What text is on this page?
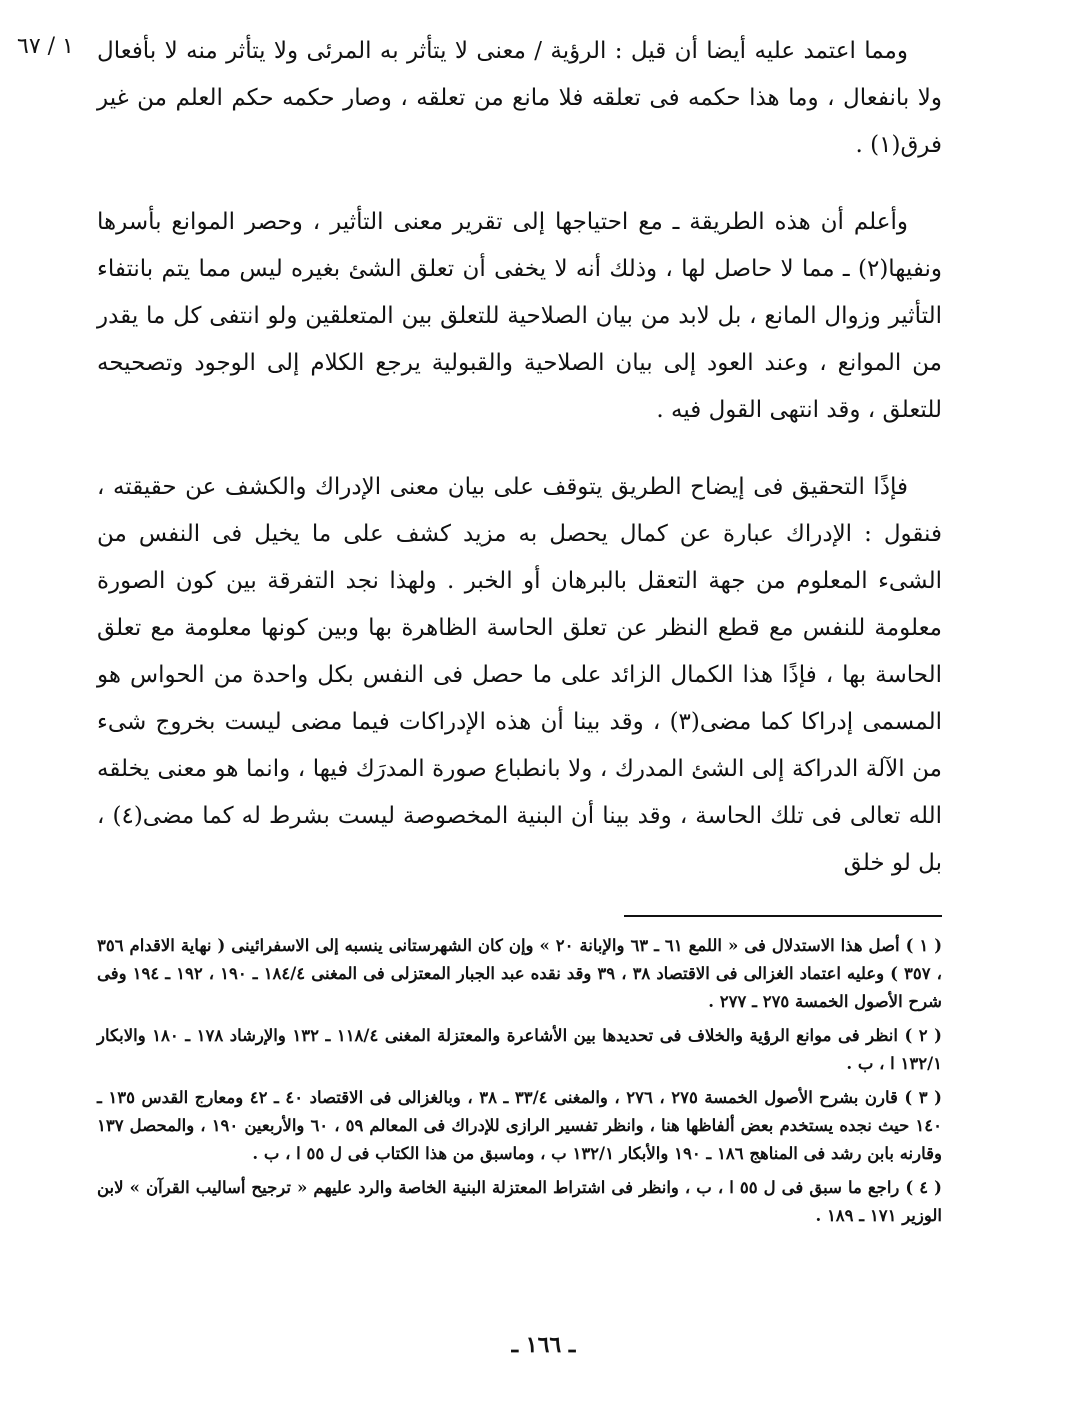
١ / ٦٧	ومما اعتمد عليه أيضا أن قيل : الرؤية / معنى لا يتأثر به المرئى ولا يتأثر منه لا بأفعال ولا بانفعال ، وما هذا حكمه فى تعلقه فلا مانع من تعلقه ، وصار حكمه حكم العلم من غير فرق(١) .

وأعلم أن هذه الطريقة ـ مع احتياجها إلى تقرير معنى التأثير ، وحصر الموانع بأسرها ونفيها(٢) ـ مما لا حاصل لها ، وذلك أنه لا يخفى أن تعلق الشئ بغيره ليس مما يتم بانتفاء التأثير وزوال المانع ، بل لابد من بيان الصلاحية للتعلق بين المتعلقين ولو انتفى كل ما يقدر من الموانع ، وعند العود إلى بيان الصلاحية والقبولية يرجع الكلام إلى الوجود وتصحيحه للتعلق ، وقد انتهى القول فيه .

فإذًا التحقيق فى إيضاح الطريق يتوقف على بيان معنى الإدراك والكشف عن حقيقته ، فنقول : الإدراك عبارة عن كمال يحصل به مزيد كشف على ما يخيل فى النفس من الشىء المعلوم من جهة التعقل بالبرهان أو الخبر . ولهذا نجد التفرقة بين كون الصورة معلومة للنفس مع قطع النظر عن تعلق الحاسة الظاهرة بها وبين كونها معلومة مع تعلق الحاسة بها ، فإذًا هذا الكمال الزائد على ما حصل فى النفس بكل واحدة من الحواس هو المسمى إدراكا كما مضى(٣) ، وقد بينا أن هذه الإدراكات فيما مضى ليست بخروج شىء من الآلة الدراكة إلى الشئ المدرك ، ولا بانطباع صورة المدرَك فيها ، وانما هو معنى يخلقه الله تعالى فى تلك الحاسة ، وقد بينا أن البنية المخصوصة ليست بشرط له كما مضى(٤) ، بل لو خلق

( ١ ) أصل هذا الاستدلال فى « اللمع ٦١ ـ ٦٣ والإبانة ٢٠ » وإن كان الشهرستانى ينسبه إلى الاسفرائينى ( نهاية الاقدام ٣٥٦ ، ٣٥٧ ) وعليه اعتماد الغزالى فى الاقتصاد ٣٨ ، ٣٩ وقد نقده عبد الجبار المعتزلى فى المغنى ١٨٤/٤ ـ ١٩٠ ، ١٩٢ ـ ١٩٤ وفى شرح الأصول الخمسة ٢٧٥ ـ ٢٧٧ .

( ٢ ) انظر فى موانع الرؤية والخلاف فى تحديدها بين الأشاعرة والمعتزلة المغنى ١١٨/٤ ـ ١٣٢ والإرشاد ١٧٨ ـ ١٨٠ والابكار ١٣٢/١ ا ، ب .

( ٣ ) قارن بشرح الأصول الخمسة ٢٧٥ ، ٢٧٦ ، والمغنى ٣٣/٤ ـ ٣٨ ، وبالغزالى فى الاقتصاد ٤٠ ـ ٤٢ ومعارج القدس ١٣٥ ـ ١٤٠ حيث نجده يستخدم بعض ألفاظها هنا ، وانظر تفسير الرازى للإدراك فى المعالم ٥٩ ، ٦٠ والأربعين ١٩٠ ، والمحصل ١٣٧ وقارنه بابن رشد فى المناهج ١٨٦ ـ ١٩٠ والأبكار ١٣٢/١ ب ، وماسبق من هذا الكتاب فى ل ٥٥ ا ، ب .

( ٤ ) راجع ما سبق فى ل ٥٥ ا ، ب ، وانظر فى اشتراط المعتزلة البنية الخاصة والرد عليهم « ترجيح أساليب القرآن » لابن الوزير ١٧١ ـ ١٨٩ .

ـ ١٦٦ ـ
